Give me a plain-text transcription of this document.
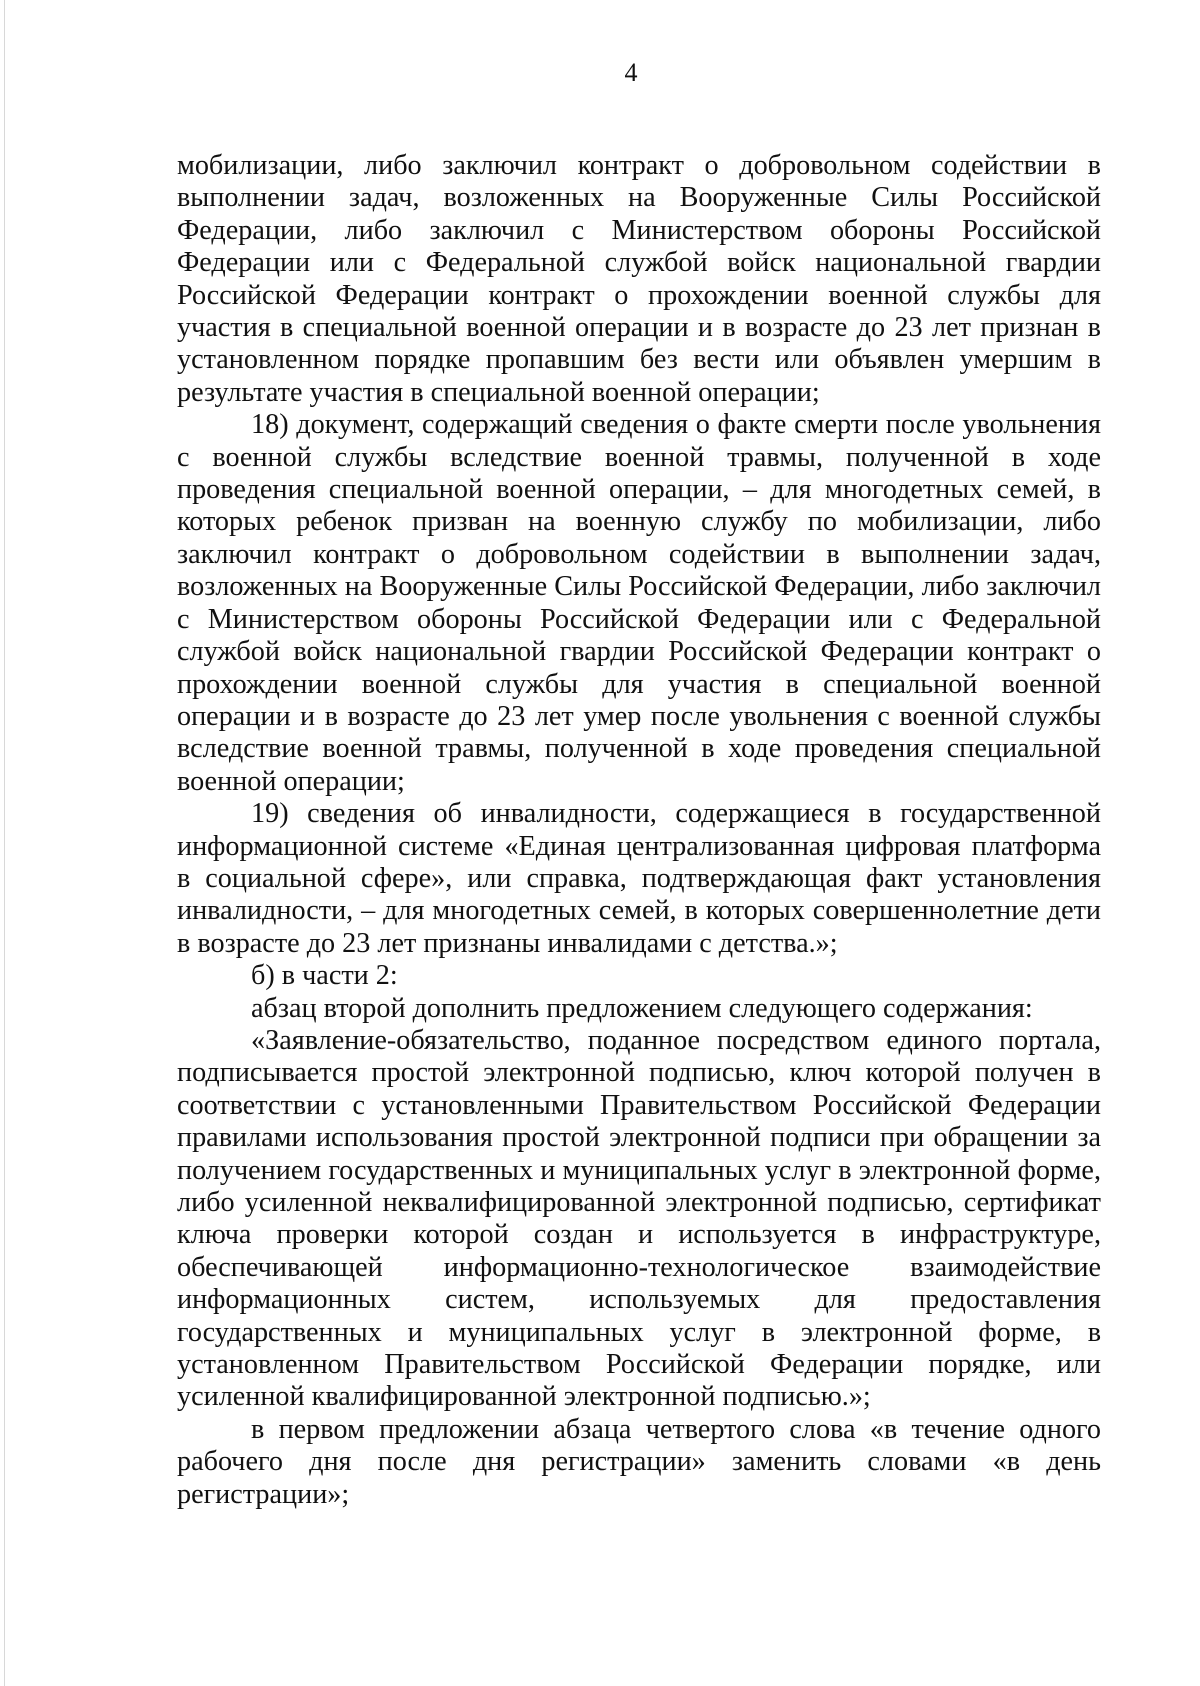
4

мобилизации, либо заключил контракт о добровольном содействии в выполнении задач, возложенных на Вооруженные Силы Российской Федерации, либо заключил с Министерством обороны Российской Федерации или с Федеральной службой войск национальной гвардии Российской Федерации контракт о прохождении военной службы для участия в специальной военной операции и в возрасте до 23 лет признан в установленном порядке пропавшим без вести или объявлен умершим в результате участия в специальной военной операции;

18) документ, содержащий сведения о факте смерти после увольнения с военной службы вследствие военной травмы, полученной в ходе проведения специальной военной операции, – для многодетных семей, в которых ребенок призван на военную службу по мобилизации, либо заключил контракт о добровольном содействии в выполнении задач, возложенных на Вооруженные Силы Российской Федерации, либо заключил с Министерством обороны Российской Федерации или с Федеральной службой войск национальной гвардии Российской Федерации контракт о прохождении военной службы для участия в специальной военной операции и в возрасте до 23 лет умер после увольнения с военной службы вследствие военной травмы, полученной в ходе проведения специальной военной операции;

19) сведения об инвалидности, содержащиеся в государственной информационной системе «Единая централизованная цифровая платформа в социальной сфере», или справка, подтверждающая факт установления инвалидности, – для многодетных семей, в которых совершеннолетние дети в возрасте до 23 лет признаны инвалидами с детства.»;

б) в части 2:

абзац второй дополнить предложением следующего содержания:

«Заявление-обязательство, поданное посредством единого портала, подписывается простой электронной подписью, ключ которой получен в соответствии с установленными Правительством Российской Федерации правилами использования простой электронной подписи при обращении за получением государственных и муниципальных услуг в электронной форме, либо усиленной неквалифицированной электронной подписью, сертификат ключа проверки которой создан и используется в инфраструктуре, обеспечивающей информационно-технологическое взаимодействие информационных систем, используемых для предоставления государственных и муниципальных услуг в электронной форме, в установленном Правительством Российской Федерации порядке, или усиленной квалифицированной электронной подписью.»;

в первом предложении абзаца четвертого слова «в течение одного рабочего дня после дня регистрации» заменить словами «в день регистрации»;
